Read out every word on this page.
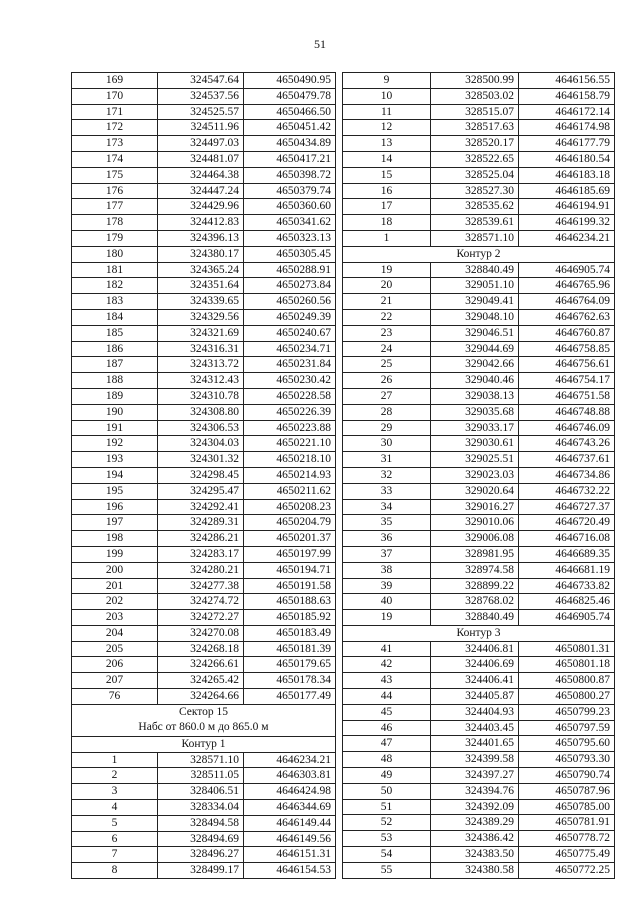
51
169	324547.64	4650490.95
170	324537.56	4650479.78
171	324525.57	4650466.50
172	324511.96	4650451.42
173	324497.03	4650434.89
174	324481.07	4650417.21
175	324464.38	4650398.72
176	324447.24	4650379.74
177	324429.96	4650360.60
178	324412.83	4650341.62
179	324396.13	4650323.13
180	324380.17	4650305.45
181	324365.24	4650288.91
182	324351.64	4650273.84
183	324339.65	4650260.56
184	324329.56	4650249.39
185	324321.69	4650240.67
186	324316.31	4650234.71
187	324313.72	4650231.84
188	324312.43	4650230.42
189	324310.78	4650228.58
190	324308.80	4650226.39
191	324306.53	4650223.88
192	324304.03	4650221.10
193	324301.32	4650218.10
194	324298.45	4650214.93
195	324295.47	4650211.62
196	324292.41	4650208.23
197	324289.31	4650204.79
198	324286.21	4650201.37
199	324283.17	4650197.99
200	324280.21	4650194.71
201	324277.38	4650191.58
202	324274.72	4650188.63
203	324272.27	4650185.92
204	324270.08	4650183.49
205	324268.18	4650181.39
206	324266.61	4650179.65
207	324265.42	4650178.34
76	324264.66	4650177.49
Сектор 15
Набс от 860.0 м до 865.0 м		
Контур 1		
1	328571.10	4646234.21
2	328511.05	4646303.81
3	328406.51	4646424.98
4	328334.04	4646344.69
5	328494.58	4646149.44
6	328494.69	4646149.56
7	328496.27	4646151.31
8	328499.17	4646154.53
9	328500.99	4646156.55
10	328503.02	4646158.79
11	328515.07	4646172.14
12	328517.63	4646174.98
13	328520.17	4646177.79
14	328522.65	4646180.54
15	328525.04	4646183.18
16	328527.30	4646185.69
17	328535.62	4646194.91
18	328539.61	4646199.32
1	328571.10	4646234.21
Контур 2		
19	328840.49	4646905.74
20	329051.10	4646765.96
21	329049.41	4646764.09
22	329048.10	4646762.63
23	329046.51	4646760.87
24	329044.69	4646758.85
25	329042.66	4646756.61
26	329040.46	4646754.17
27	329038.13	4646751.58
28	329035.68	4646748.88
29	329033.17	4646746.09
30	329030.61	4646743.26
31	329025.51	4646737.61
32	329023.03	4646734.86
33	329020.64	4646732.22
34	329016.27	4646727.37
35	329010.06	4646720.49
36	329006.08	4646716.08
37	328981.95	4646689.35
38	328974.58	4646681.19
39	328899.22	4646733.82
40	328768.02	4646825.46
19	328840.49	4646905.74
Контур 3		
41	324406.81	4650801.31
42	324406.69	4650801.18
43	324406.41	4650800.87
44	324405.87	4650800.27
45	324404.93	4650799.23
46	324403.45	4650797.59
47	324401.65	4650795.60
48	324399.58	4650793.30
49	324397.27	4650790.74
50	324394.76	4650787.96
51	324392.09	4650785.00
52	324389.29	4650781.91
53	324386.42	4650778.72
54	324383.50	4650775.49
55	324380.58	4650772.25
